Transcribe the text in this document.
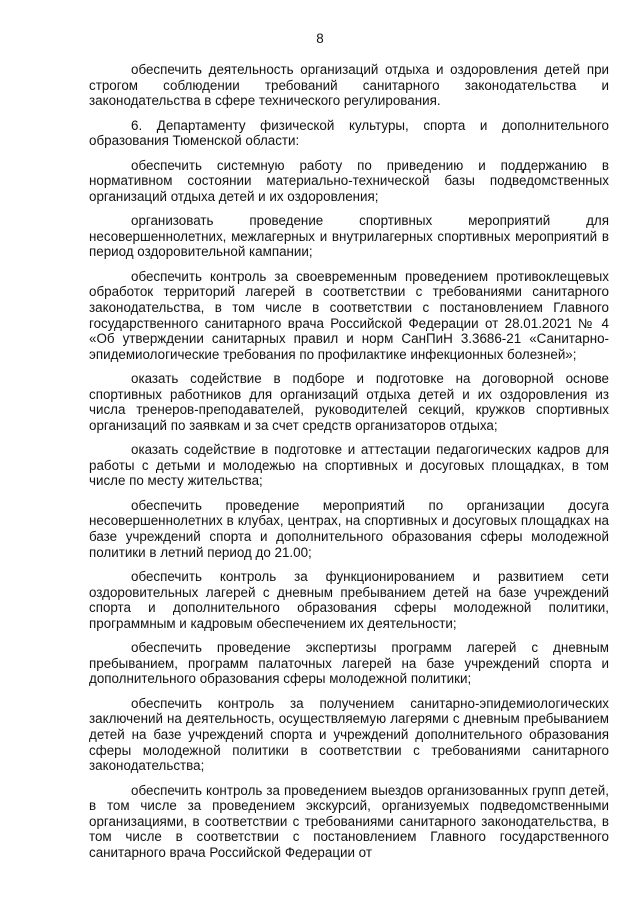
8

обеспечить деятельность организаций отдыха и оздоровления детей при строгом соблюдении требований санитарного законодательства и законодательства в сфере технического регулирования.

6. Департаменту физической культуры, спорта и дополнительного образования Тюменской области:

обеспечить системную работу по приведению и поддержанию в нормативном состоянии материально-технической базы подведомственных организаций отдыха детей и их оздоровления;

организовать проведение спортивных мероприятий для несовершеннолетних, межлагерных и внутрилагерных спортивных мероприятий в период оздоровительной кампании;

обеспечить контроль за своевременным проведением противоклещевых обработок территорий лагерей в соответствии с требованиями санитарного законодательства, в том числе в соответствии с постановлением Главного государственного санитарного врача Российской Федерации от 28.01.2021 № 4 «Об утверждении санитарных правил и норм СанПиН 3.3686-21 «Санитарно-эпидемиологические требования по профилактике инфекционных болезней»;

оказать содействие в подборе и подготовке на договорной основе спортивных работников для организаций отдыха детей и их оздоровления из числа тренеров-преподавателей, руководителей секций, кружков спортивных организаций по заявкам и за счет средств организаторов отдыха;

оказать содействие в подготовке и аттестации педагогических кадров для работы с детьми и молодежью на спортивных и досуговых площадках, в том числе по месту жительства;

обеспечить проведение мероприятий по организации досуга несовершеннолетних в клубах, центрах, на спортивных и досуговых площадках на базе учреждений спорта и дополнительного образования сферы молодежной политики в летний период до 21.00;

обеспечить контроль за функционированием и развитием сети оздоровительных лагерей с дневным пребыванием детей на базе учреждений спорта и дополнительного образования сферы молодежной политики, программным и кадровым обеспечением их деятельности;

обеспечить проведение экспертизы программ лагерей с дневным пребыванием, программ палаточных лагерей на базе учреждений спорта и дополнительного образования сферы молодежной политики;

обеспечить контроль за получением санитарно-эпидемиологических заключений на деятельность, осуществляемую лагерями с дневным пребыванием детей на базе учреждений спорта и учреждений дополнительного образования сферы молодежной политики в соответствии с требованиями санитарного законодательства;

обеспечить контроль за проведением выездов организованных групп детей, в том числе за проведением экскурсий, организуемых подведомственными организациями, в соответствии с требованиями санитарного законодательства, в том числе в соответствии с постановлением Главного государственного санитарного врача Российской Федерации от
